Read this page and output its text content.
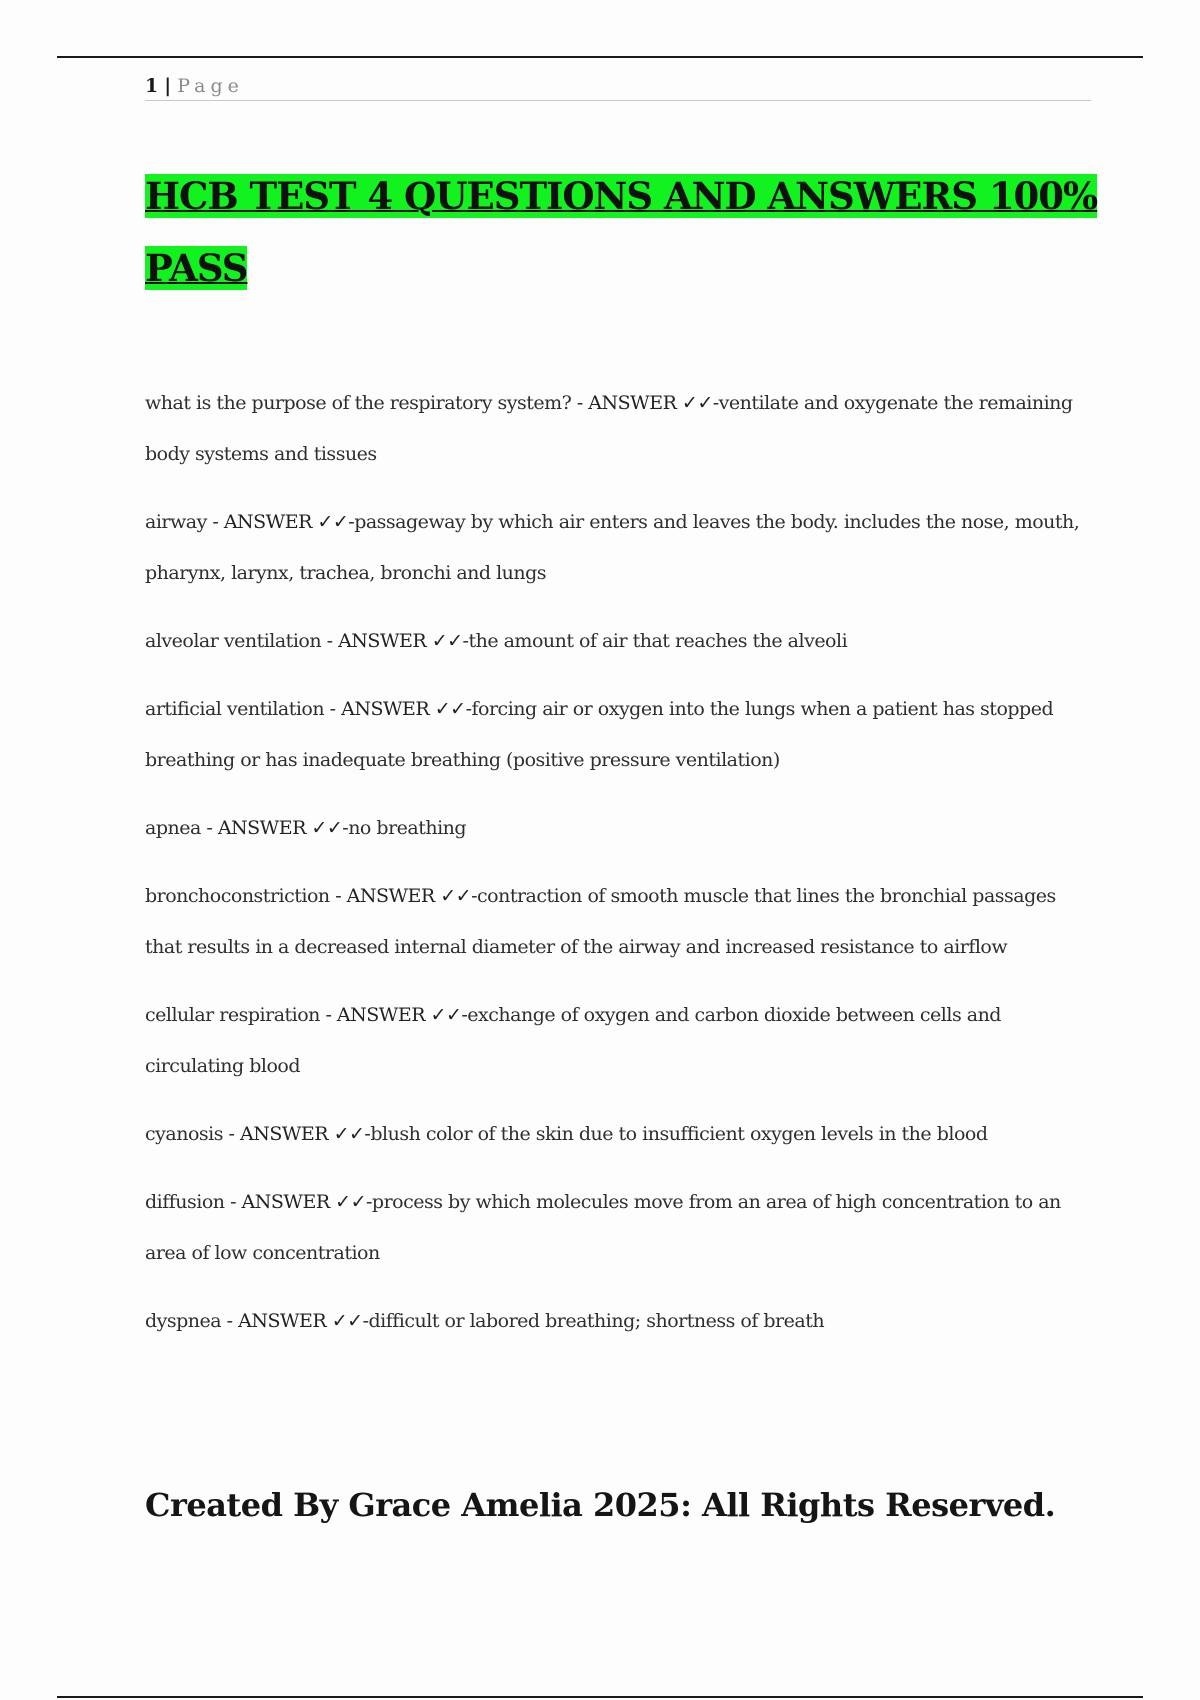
1 | Page
HCB TEST 4 QUESTIONS AND ANSWERS 100% PASS

what is the purpose of the respiratory system? - ANSWER ✓✓-ventilate and oxygenate the remaining body systems and tissues

airway - ANSWER ✓✓-passageway by which air enters and leaves the body. includes the nose, mouth, pharynx, larynx, trachea, bronchi and lungs

alveolar ventilation - ANSWER ✓✓-the amount of air that reaches the alveoli

artificial ventilation - ANSWER ✓✓-forcing air or oxygen into the lungs when a patient has stopped breathing or has inadequate breathing (positive pressure ventilation)

apnea - ANSWER ✓✓-no breathing

bronchoconstriction - ANSWER ✓✓-contraction of smooth muscle that lines the bronchial passages that results in a decreased internal diameter of the airway and increased resistance to airflow

cellular respiration - ANSWER ✓✓-exchange of oxygen and carbon dioxide between cells and circulating blood

cyanosis - ANSWER ✓✓-blush color of the skin due to insufficient oxygen levels in the blood

diffusion - ANSWER ✓✓-process by which molecules move from an area of high concentration to an area of low concentration

dyspnea - ANSWER ✓✓-difficult or labored breathing; shortness of breath

Created By Grace Amelia 2025: All Rights Reserved.
